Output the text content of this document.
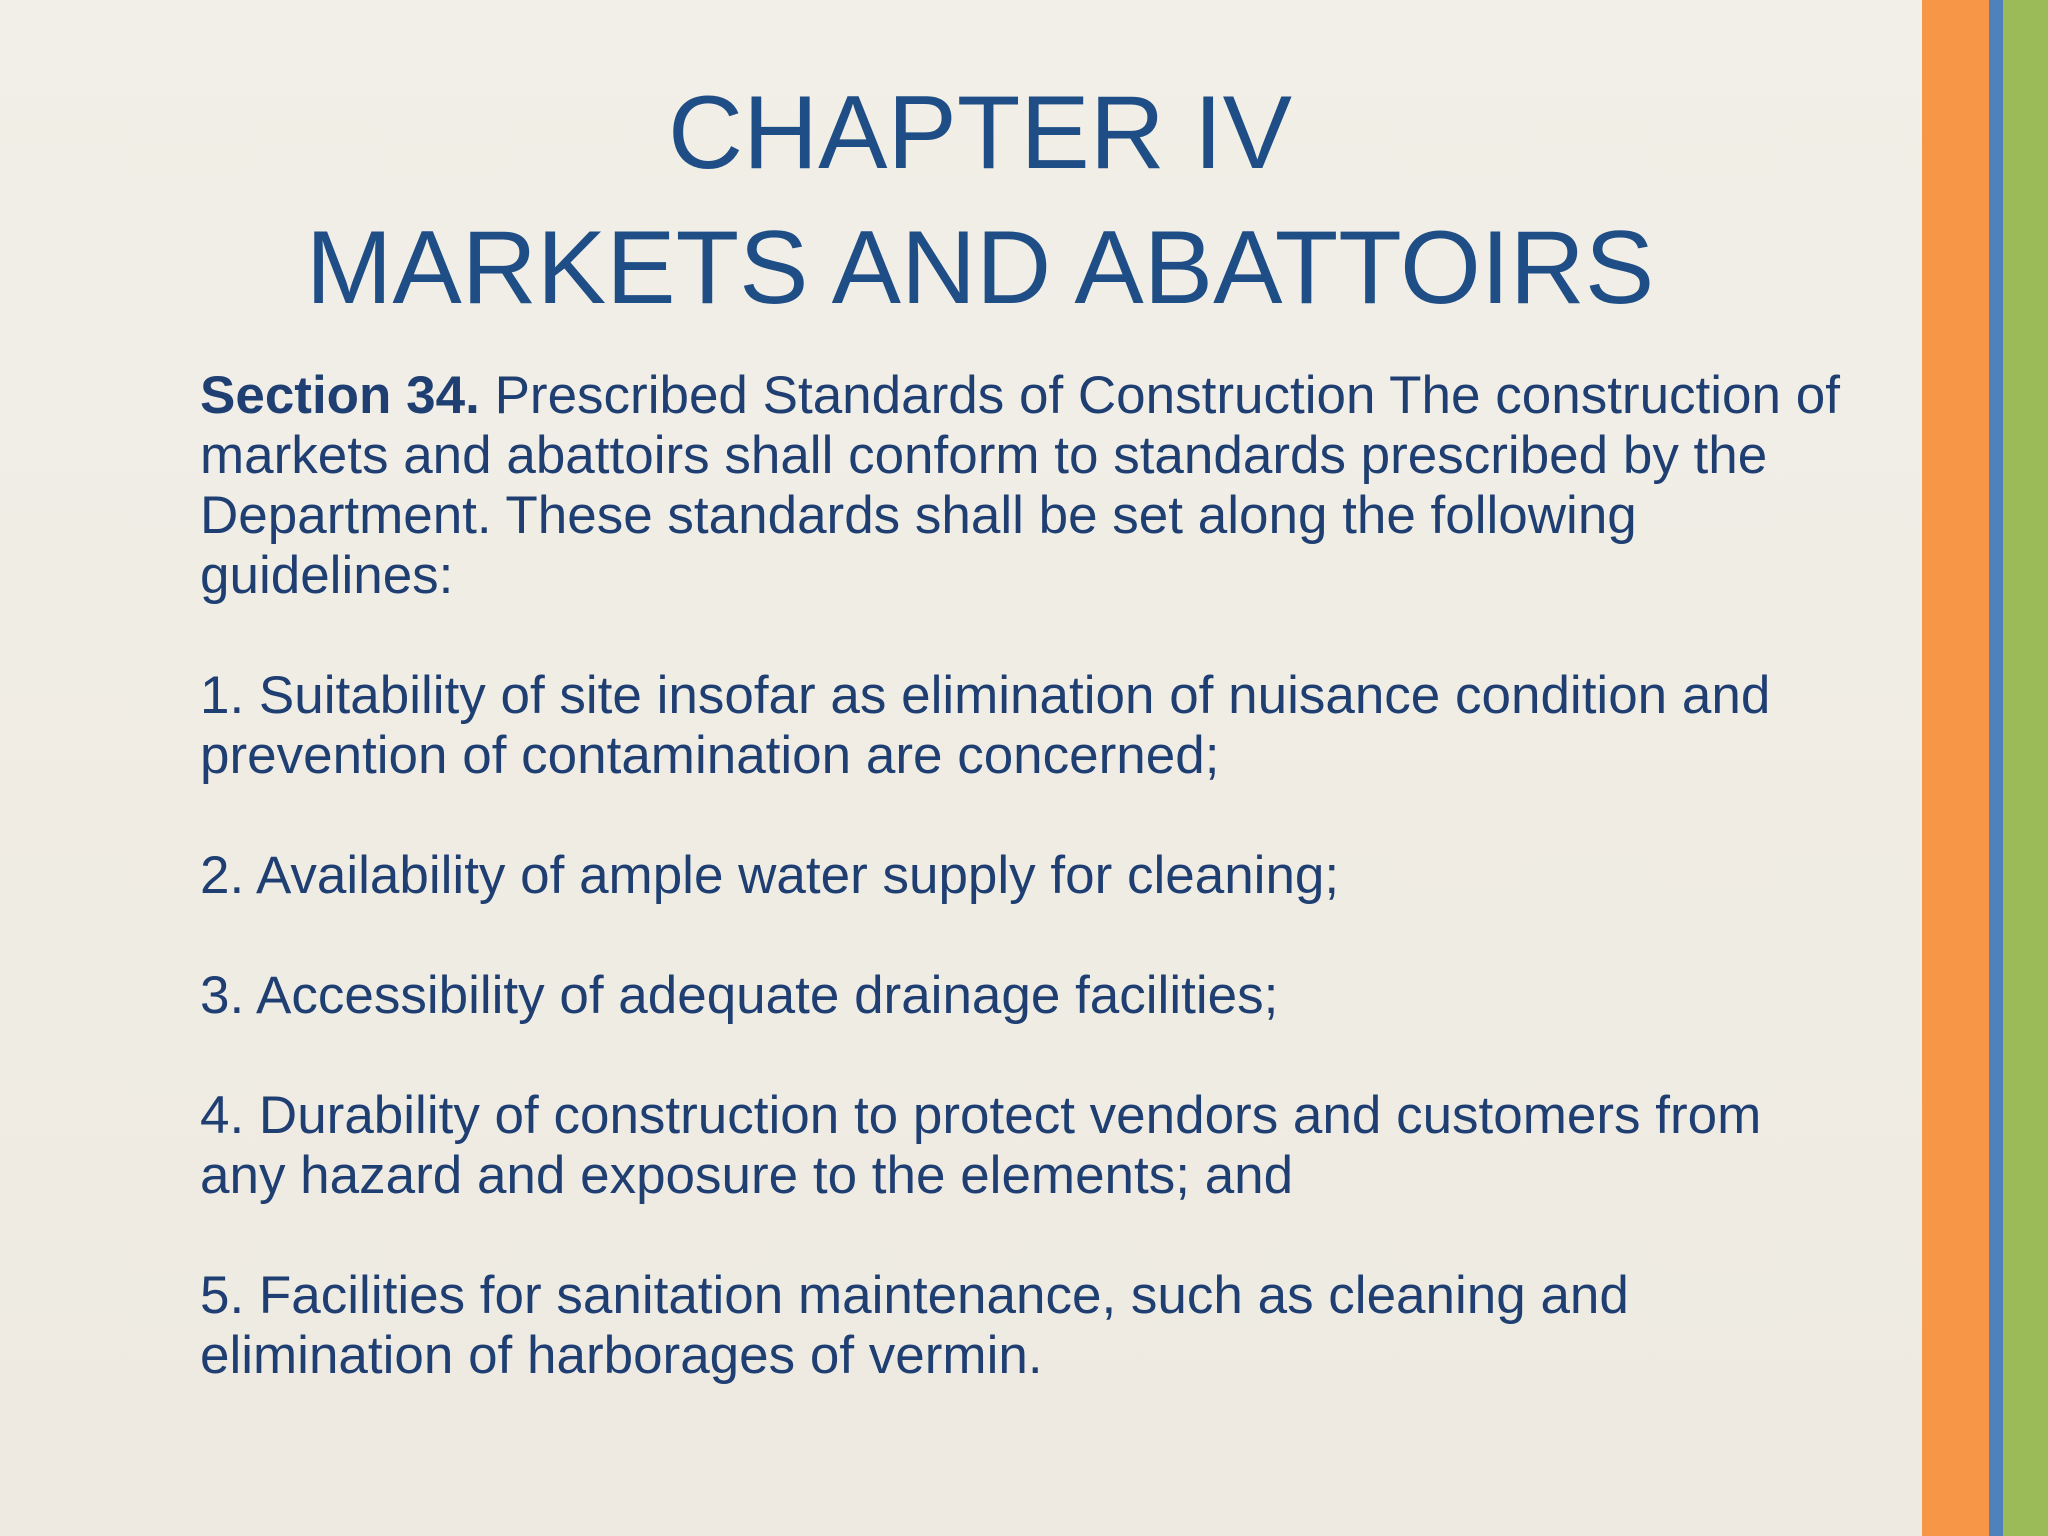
CHAPTER IV
MARKETS AND ABATTOIRS

Section 34. Prescribed Standards of Construction The construction of markets and abattoirs shall conform to standards prescribed by the Department. These standards shall be set along the following guidelines:

1. Suitability of site insofar as elimination of nuisance condition and prevention of contamination are concerned;

2. Availability of ample water supply for cleaning;

3. Accessibility of adequate drainage facilities;

4. Durability of construction to protect vendors and customers from any hazard and exposure to the elements; and

5. Facilities for sanitation maintenance, such as cleaning and elimination of harborages of vermin.
